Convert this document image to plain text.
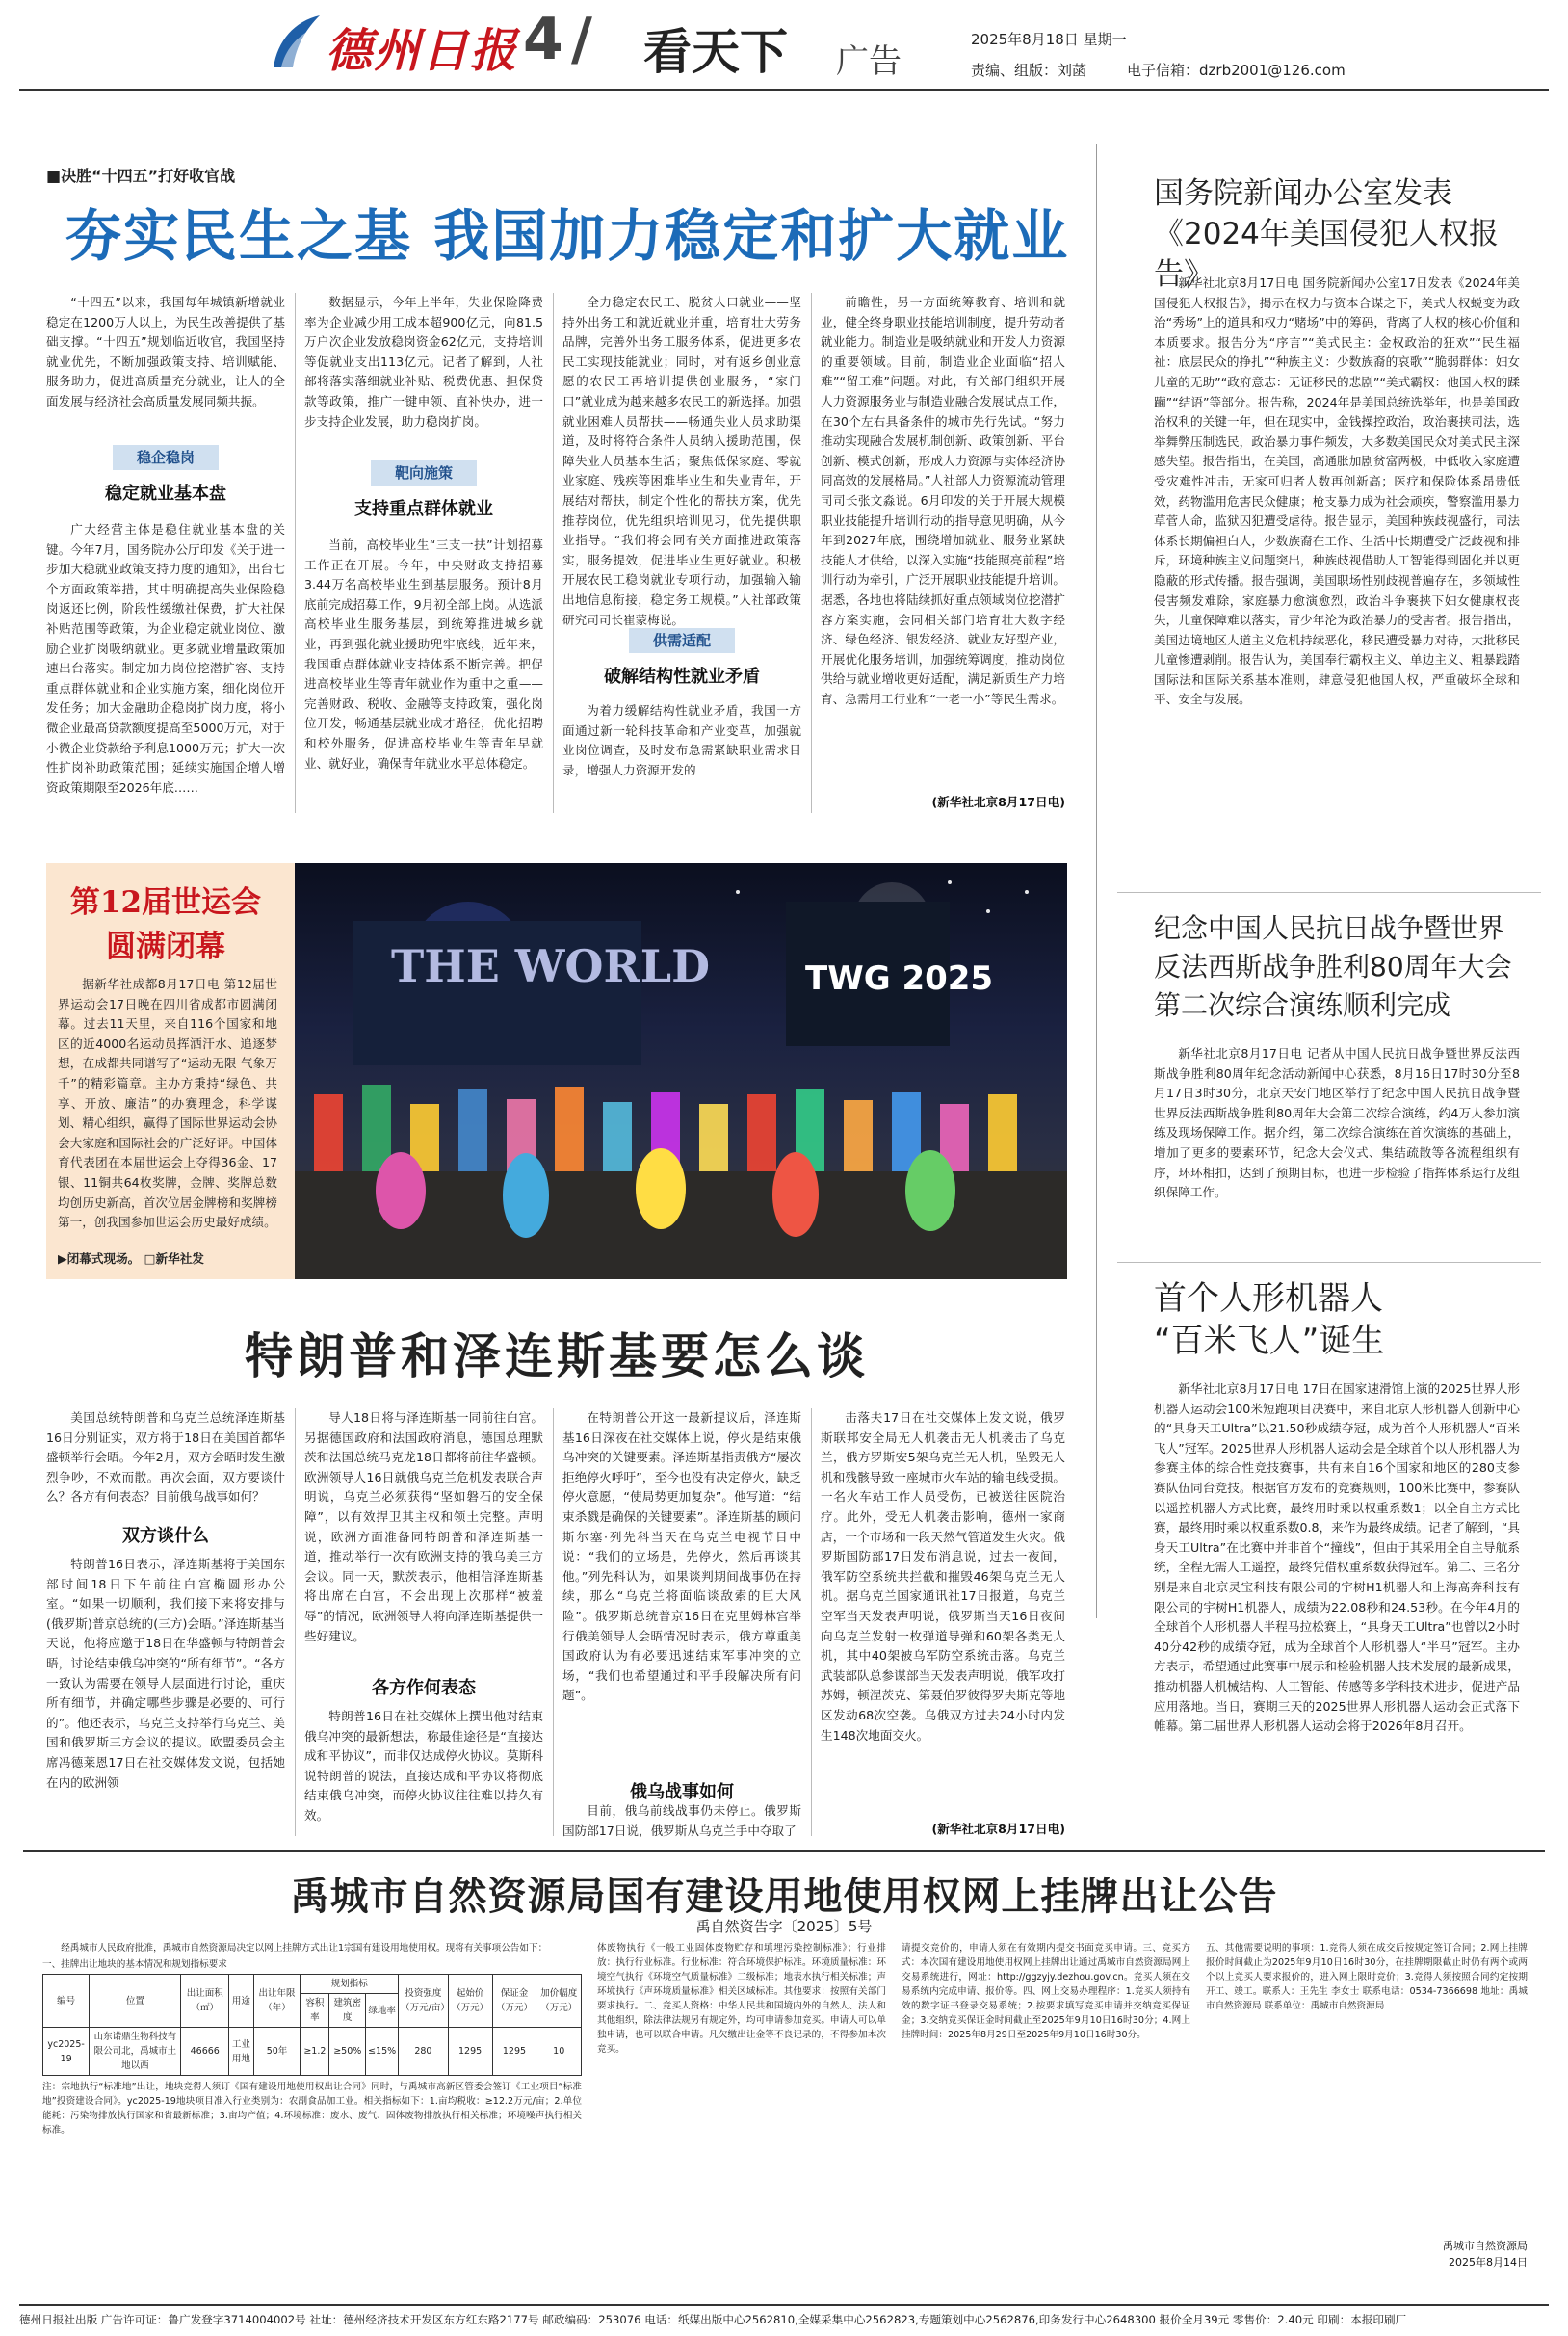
德州日报 4 / 看天下 广告
2025年8月18日 星期一
责编、组版：刘菡	电子信箱：dzrb2001@126.com
■决胜“十四五”打好收官战
夯实民生之基 我国加力稳定和扩大就业

“十四五”以来，我国每年城镇新增就业稳定在1200万人以上，为民生改善提供了基础支撑。“十四五”规划临近收官，我国坚持就业优先，不断加强政策支持、培训赋能、服务助力，促进高质量充分就业，让人的全面发展与经济社会高质量发展同频共振。

稳企稳岗
稳定就业基本盘

广大经营主体是稳住就业基本盘的关键。今年7月，国务院办公厅印发《关于进一步加大稳就业政策支持力度的通知》，出台七个方面政策举措，其中明确提高失业保险稳岗返还比例，阶段性缓缴社保费，扩大社保补贴范围等政策，为企业稳定就业岗位、激励企业扩岗吸纳就业。更多就业增量政策加速出台落实。制定加力岗位挖潜扩容、支持重点群体就业和企业实施方案，细化岗位开发任务；加大金融助企稳岗扩岗力度，将小微企业最高贷款额度提高至5000万元，对于小微企业贷款给予利息1000万元；扩大一次性扩岗补助政策范围；延续实施国企增人增资政策期限至2026年底……

数据显示，今年上半年，失业保险降费率为企业减少用工成本超900亿元，向81.5万户次企业发放稳岗资金62亿元，支持培训等促就业支出113亿元。记者了解到，人社部将落实落细就业补贴、税费优惠、担保贷款等政策，推广一键申领、直补快办，进一步支持企业发展，助力稳岗扩岗。

靶向施策
支持重点群体就业

当前，高校毕业生“三支一扶”计划招募工作正在开展。今年，中央财政支持招募3.44万名高校毕业生到基层服务。预计8月底前完成招募工作，9月初全部上岗。从选派高校毕业生服务基层，到统筹推进城乡就业，再到强化就业援助兜牢底线，近年来，我国重点群体就业支持体系不断完善。把促进高校毕业生等青年就业作为重中之重——完善财政、税收、金融等支持政策，强化岗位开发，畅通基层就业成才路径，优化招聘和校外服务，促进高校毕业生等青年早就业、就好业，确保青年就业水平总体稳定。

全力稳定农民工、脱贫人口就业——坚持外出务工和就近就业并重，培育壮大劳务品牌，完善外出务工服务体系，促进更多农民工实现技能就业；同时，对有返乡创业意愿的农民工再培训提供创业服务，“家门口”就业成为越来越多农民工的新选择。加强就业困难人员帮扶——畅通失业人员求助渠道，及时将符合条件人员纳入援助范围，保障失业人员基本生活；聚焦低保家庭、零就业家庭、残疾等困难毕业生和失业青年，开展结对帮扶，制定个性化的帮扶方案，优先推荐岗位，优先组织培训见习，优先提供职业指导。“我们将会同有关方面推进政策落实，服务提效，促进毕业生更好就业。积极开展农民工稳岗就业专项行动，加强输入输出地信息衔接，稳定务工规模。”人社部政策研究司司长崔蒙梅说。

供需适配
破解结构性就业矛盾

为着力缓解结构性就业矛盾，我国一方面通过新一轮科技革命和产业变革，加强就业岗位调查，及时发布急需紧缺职业需求目录，增强人力资源开发的

前瞻性，另一方面统筹教育、培训和就业，健全终身职业技能培训制度，提升劳动者就业能力。制造业是吸纳就业和开发人力资源的重要领域。目前，制造业企业面临“招人难”“留工难”问题。对此，有关部门组织开展人力资源服务业与制造业融合发展试点工作，在30个左右具备条件的城市先行先试。“努力推动实现融合发展机制创新、政策创新、平台创新、模式创新，形成人力资源与实体经济协同高效的发展格局。”人社部人力资源流动管理司司长张文淼说。6月印发的关于开展大规模职业技能提升培训行动的指导意见明确，从今年到2027年底，围绕增加就业、服务业紧缺技能人才供给，以深入实施“技能照亮前程”培训行动为牵引，广泛开展职业技能提升培训。据悉，各地也将陆续抓好重点领域岗位挖潜扩容方案实施，会同相关部门培育壮大数字经济、绿色经济、银发经济、就业友好型产业，开展优化服务培训，加强统筹调度，推动岗位供给与就业增收更好适配，满足新质生产力培育、急需用工行业和“一老一小”等民生需求。

(新华社北京8月17日电)
国务院新闻办公室发表
《2024年美国侵犯人权报告》

新华社北京8月17日电 国务院新闻办公室17日发表《2024年美国侵犯人权报告》，揭示在权力与资本合谋之下，美式人权蜕变为政治“秀场”上的道具和权力“赌场”中的筹码，背离了人权的核心价值和本质要求。报告分为“序言”“美式民主：金权政治的狂欢”“民生福祉：底层民众的挣扎”“种族主义：少数族裔的哀歌”“脆弱群体：妇女儿童的无助”“政府意志：无证移民的悲剧”“美式霸权：他国人权的蹂躏”“结语”等部分。报告称，2024年是美国总统选举年，也是美国政治权利的关键一年，但在现实中，金钱操控政治，政治裹挟司法，选举舞弊压制选民，政治暴力事件频发，大多数美国民众对美式民主深感失望。报告指出，在美国，高通胀加剧贫富两极，中低收入家庭遭受灾难性冲击，无家可归者人数再创新高；医疗和保险体系昂贵低效，药物滥用危害民众健康；枪支暴力成为社会顽疾，警察滥用暴力草菅人命，监狱囚犯遭受虐待。报告显示，美国种族歧视盛行，司法体系长期偏袒白人，少数族裔在工作、生活中长期遭受广泛歧视和排斥，环境种族主义问题突出，种族歧视借助人工智能得到固化并以更隐蔽的形式传播。报告强调，美国职场性别歧视普遍存在，多领域性侵害频发难除，家庭暴力愈演愈烈，政治斗争裹挟下妇女健康权丧失，儿童保障难以落实，青少年沦为政治暴力的受害者。报告指出，美国边境地区人道主义危机持续恶化，移民遭受暴力对待，大批移民儿童惨遭剥削。报告认为，美国奉行霸权主义、单边主义、粗暴践踏国际法和国际关系基本准则，肆意侵犯他国人权，严重破坏全球和平、安全与发展。

纪念中国人民抗日战争暨世界
反法西斯战争胜利80周年大会
第二次综合演练顺利完成

新华社北京8月17日电 记者从中国人民抗日战争暨世界反法西斯战争胜利80周年纪念活动新闻中心获悉，8月16日17时30分至8月17日3时30分，北京天安门地区举行了纪念中国人民抗日战争暨世界反法西斯战争胜利80周年大会第二次综合演练，约4万人参加演练及现场保障工作。据介绍，第二次综合演练在首次演练的基础上，增加了更多的要素环节，纪念大会仪式、集结疏散等各流程组织有序，环环相扣，达到了预期目标，也进一步检验了指挥体系运行及组织保障工作。

首个人形机器人
“百米飞人”诞生

新华社北京8月17日电 17日在国家速滑馆上演的2025世界人形机器人运动会100米短跑项目决赛中，来自北京人形机器人创新中心的“具身天工Ultra”以21.50秒成绩夺冠，成为首个人形机器人“百米飞人”冠军。2025世界人形机器人运动会是全球首个以人形机器人为参赛主体的综合性竞技赛事，共有来自16个国家和地区的280支参赛队伍同台竞技。根据官方发布的竞赛规则，100米比赛中，参赛队以遥控机器人方式比赛，最终用时乘以权重系数1；以全自主方式比赛，最终用时乘以权重系数0.8，来作为最终成绩。记者了解到，“具身天工Ultra”在比赛中并非首个“撞线”，但由于其采用全自主导航系统，全程无需人工遥控，最终凭借权重系数获得冠军。第二、三名分别是来自北京灵宝科技有限公司的宇树H1机器人和上海高奔科技有限公司的宇树H1机器人，成绩为22.08秒和24.53秒。在今年4月的全球首个人形机器人半程马拉松赛上，“具身天工Ultra”也曾以2小时40分42秒的成绩夺冠，成为全球首个人形机器人“半马”冠军。主办方表示，希望通过此赛事中展示和检验机器人技术发展的最新成果，推动机器人机械结构、人工智能、传感等多学科技术进步，促进产品应用落地。当日，赛期三天的2025世界人形机器人运动会正式落下帷幕。第二届世界人形机器人运动会将于2026年8月召开。

第12届世运会
圆满闭幕

据新华社成都8月17日电 第12届世界运动会17日晚在四川省成都市圆满闭幕。过去11天里，来自116个国家和地区的近4000名运动员挥洒汗水、追逐梦想，在成都共同谱写了“运动无限 气象万千”的精彩篇章。主办方秉持“绿色、共享、开放、廉洁”的办赛理念，科学谋划、精心组织，赢得了国际世界运动会协会大家庭和国际社会的广泛好评。中国体育代表团在本届世运会上夺得36金、17银、11铜共64枚奖牌，金牌、奖牌总数均创历史新高，首次位居金牌榜和奖牌榜第一，创我国参加世运会历史最好成绩。

▶闭幕式现场。 □新华社发
THE WORLD	TWG 2025
特朗普和泽连斯基要怎么谈

美国总统特朗普和乌克兰总统泽连斯基16日分别证实，双方将于18日在美国首都华盛顿举行会晤。今年2月，双方会晤时发生激烈争吵，不欢而散。再次会面，双方要谈什么？各方有何表态？目前俄乌战事如何？

双方谈什么

特朗普16日表示，泽连斯基将于美国东部时间18日下午前往白宫椭圆形办公室。“如果一切顺利，我们接下来将安排与(俄罗斯)普京总统的(三方)会晤。”泽连斯基当天说，他将应邀于18日在华盛顿与特朗普会晤，讨论结束俄乌冲突的“所有细节”。“各方一致认为需要在领导人层面进行讨论，重庆所有细节，并确定哪些步骤是必要的、可行的”。他还表示，乌克兰支持举行乌克兰、美国和俄罗斯三方会议的提议。欧盟委员会主席冯德莱恩17日在社交媒体发文说，包括她在内的欧洲领

导人18日将与泽连斯基一同前往白宫。另据德国政府和法国政府消息，德国总理默茨和法国总统马克龙18日都将前往华盛顿。欧洲领导人16日就俄乌克兰危机发表联合声明说，乌克兰必须获得“坚如磐石的安全保障”，以有效捍卫其主权和领土完整。声明说，欧洲方面准备同特朗普和泽连斯基一道，推动举行一次有欧洲支持的俄乌美三方会议。同一天，默茨表示，他相信泽连斯基将出席在白宫，不会出现上次那样“被羞辱”的情况，欧洲领导人将向泽连斯基提供一些好建议。

各方作何表态

特朗普16日在社交媒体上撰出他对结束俄乌冲突的最新想法，称最佳途径是“直接达成和平协议”，而非仅达成停火协议。莫斯科说特朗普的说法，直接达成和平协议将彻底结束俄乌冲突，而停火协议往往难以持久有效。

在特朗普公开这一最新提议后，泽连斯基16日深夜在社交媒体上说，停火是结束俄乌冲突的关键要素。泽连斯基指责俄方“屡次拒绝停火呼吁”，至今也没有决定停火，缺乏停火意愿，“使局势更加复杂”。他写道：“结束杀戮是确保的关键要素”。泽连斯基的顾问斯尔塞·列先科当天在乌克兰电视节目中说：“我们的立场是，先停火，然后再谈其他。”列先科认为，如果谈判期间战事仍在持续，那么“乌克兰将面临谈敌索的巨大风险”。俄罗斯总统普京16日在克里姆林宫举行俄美领导人会晤情况时表示，俄方尊重美国政府认为有必要迅速结束军事冲突的立场，“我们也希望通过和平手段解决所有问题”。

俄乌战事如何

目前，俄乌前线战事仍未停止。俄罗斯国防部17日说，俄罗斯从乌克兰手中夺取了

击落夫17日在社交媒体上发文说，俄罗斯联邦安全局无人机袭击无人机袭击了乌克兰，俄方罗斯安5架乌克兰无人机，坠毁无人机和残骸导致一座城市火车站的输电线受损。一名火车站工作人员受伤，已被送往医院治疗。此外，受无人机袭击影响，德州一家商店，一个市场和一段天然气管道发生火灾。俄罗斯国防部17日发布消息说，过去一夜间，俄军防空系统共拦截和摧毁46架乌克兰无人机。据乌克兰国家通讯社17日报道，乌克兰空军当天发表声明说，俄罗斯当天16日夜间向乌克兰发射一枚弹道导弹和60架各类无人机，其中40架被乌军防空系统击落。乌克兰武装部队总参谋部当天发表声明说，俄军攻打苏姆，顿涅茨克、第聂伯罗彼得罗夫斯克等地区发动68次空袭。乌俄双方过去24小时内发生148次地面交火。

(新华社北京8月17日电)
禹城市自然资源局国有建设用地使用权网上挂牌出让公告
禹自然资告字〔2025〕5号

经禹城市人民政府批准，禹城市自然资源局决定以网上挂牌方式出让1宗国有建设用地使用权。现将有关事项公告如下：

一、挂牌出让地块的基本情况和规划指标要求

编号	位置	出让面积（㎡）	用途	出让年限（年）	规划指标			投资强度（万元/亩）	起始价（万元）	保证金（万元）	加价幅度（万元）
					容积率	建筑密度	绿地率				
yc2025-19	山东诺鼎生物科技有限公司北，禹城市土地以西	46666	工业用地	50年	≥1.2	≥50%	≤15%	280	1295	1295	10

注：宗地执行“标准地”出让，地块竞得人须订《国有建设用地使用权出让合同》同时，与禹城市高新区管委会签订《工业项目“标准地”投资建设合同》。yc2025-19地块项目准入行业类别为：农副食品加工业。相关指标如下：1.亩均税收：≥12.2万元/亩；2.单位能耗：污染物排放执行国家和省最新标准；3.亩均产值；4.环境标准：废水、废气、固体废物排放执行相关标准；环境噪声执行相关标准。

体废物执行《一般工业固体废物贮存和填埋污染控制标准》；行业排放：执行行业标准。行业标准：符合环境保护标准。环境质量标准：环境空气执行《环境空气质量标准》二级标准；地表水执行相关标准；声环境执行《声环境质量标准》相关区域标准。其他要求：按照有关部门要求执行。二、竞买人资格：中华人民共和国境内外的自然人、法人和其他组织，除法律法规另有规定外，均可申请参加竞买。申请人可以单独申请，也可以联合申请。凡欠缴出让金等不良记录的，不得参加本次竞买。

请提交竞价的，申请人须在有效期内提交书面竞买申请。三、竞买方式：本次国有建设用地使用权网上挂牌出让通过禹城市自然资源局网上交易系统进行，网址：http://ggzyjy.dezhou.gov.cn。竞买人须在交易系统内完成申请、报价等。四、网上交易办理程序：1.竞买人须持有效的数字证书登录交易系统；2.按要求填写竞买申请并交纳竞买保证金；3.交纳竞买保证金时间截止至2025年9月10日16时30分；4.网上挂牌时间：2025年8月29日至2025年9月10日16时30分。

五、其他需要说明的事项：1.竞得人须在成交后按规定签订合同；2.网上挂牌报价时间截止为2025年9月10日16时30分，在挂牌期限截止时仍有两个或两个以上竞买人要求报价的，进入网上限时竞价；3.竞得人须按照合同约定按期开工、竣工。联系人：王先生 李女士 联系电话：0534-7366698 地址：禹城市自然资源局 联系单位：禹城市自然资源局

禹城市自然资源局
2025年8月14日
德州日报社出版 广告许可证：鲁广发登字3714004002号 社址：德州经济技术开发区东方红东路2177号 邮政编码：253076 电话：纸媒出版中心2562810,全媒采集中心2562823,专题策划中心2562876,印务发行中心2648300 报价全月39元 零售价：2.40元 印刷：本报印刷厂
